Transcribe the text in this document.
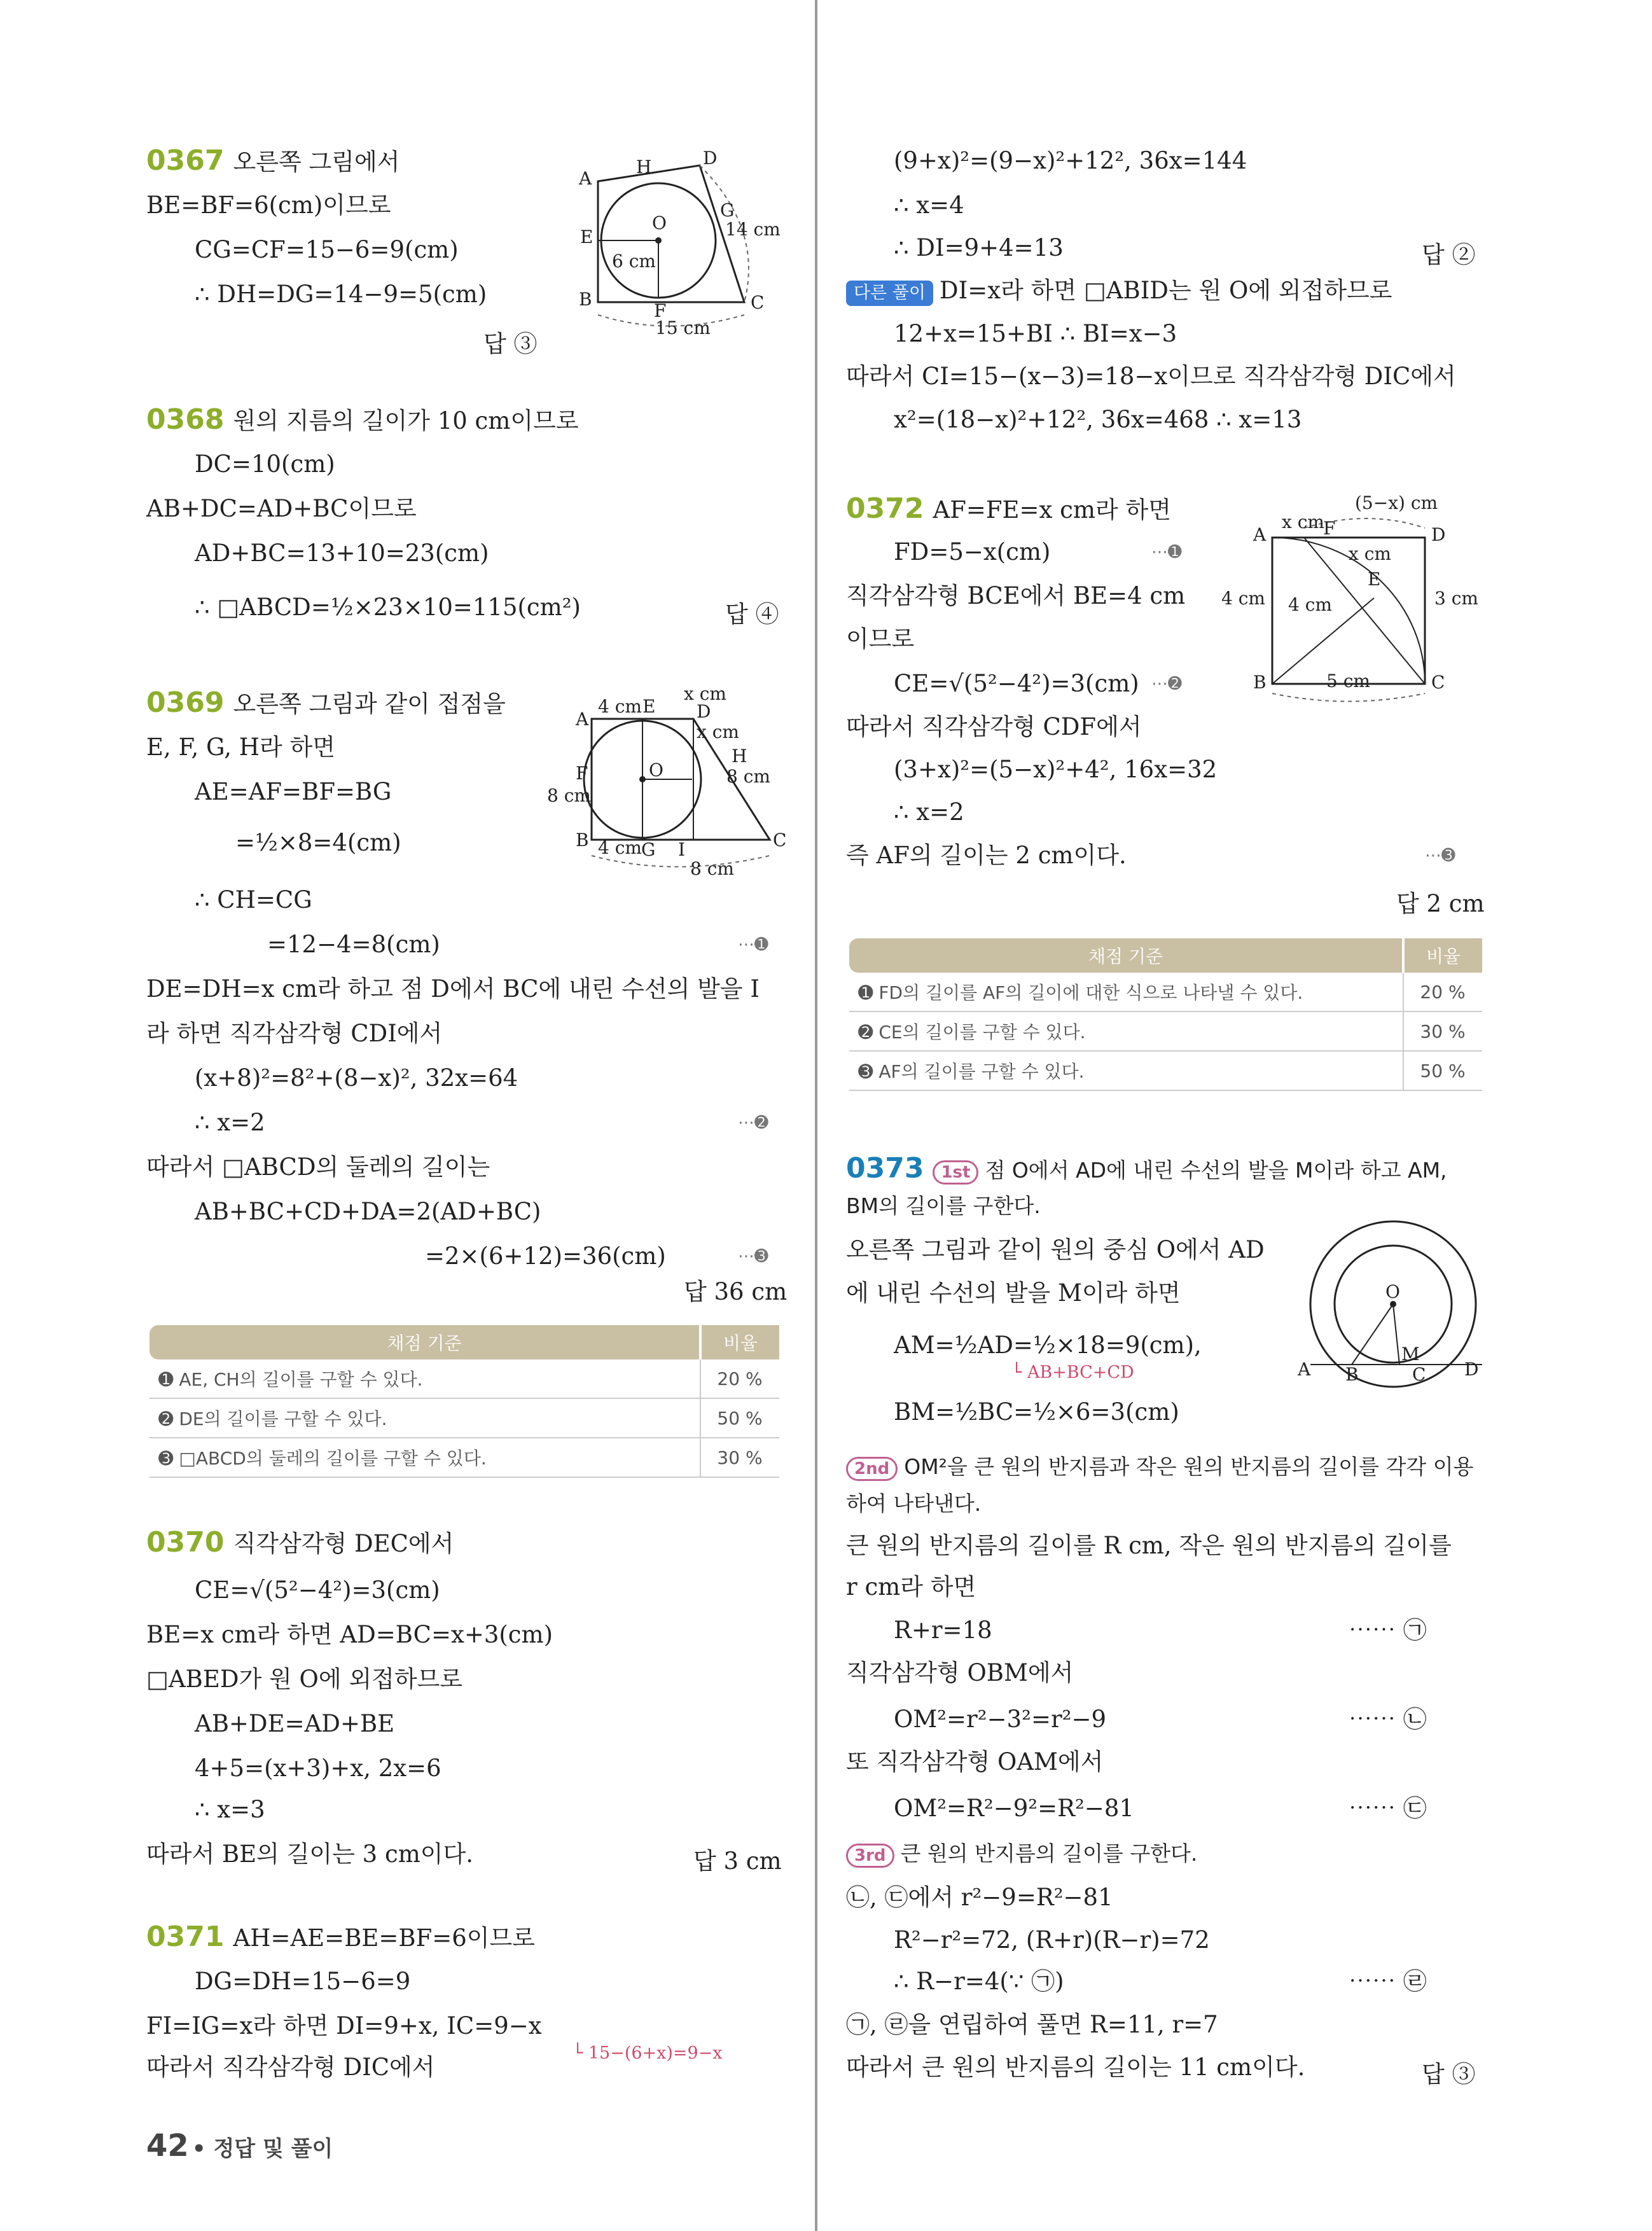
0367 오른쪽 그림에서
BE=BF=6(cm)이므로
CG=CF=15−6=9(cm)
∴ DH=DG=14−9=5(cm)
답 ③
A
H	D
E
O
G
14 cm
6 cm
B
F	C
15 cm
0368 원의 지름의 길이가 10 cm이므로
DC=10(cm)
AB+DC=AD+BC이므로
AD+BC=13+10=23(cm)
∴ □ABCD=½×23×10=115(cm²)	답 ④
0369 오른쪽 그림과 같이 접점을
E, F, G, H라 하면
AE=AF=BF=BG
=½×8=4(cm)
∴ CH=CG
=12−4=8(cm)	⋯➊
DE=DH=x cm라 하고 점 D에서 BC에 내린 수선의 발을 I
라 하면 직각삼각형 CDI에서
(x+8)²=8²+(8−x)², 32x=64
∴ x=2	⋯➋
따라서 □ABCD의 둘레의 길이는
AB+BC+CD+DA=2(AD+BC)
=2×(6+12)=36(cm)	⋯➌
답 36 cm
A
4 cm E D
x cm
x cm
H
F	O
8 cm
8 cm
B 4 cm G I	C
8 cm
채점 기준	비율
➊ AE, CH의 길이를 구할 수 있다.	20 %
➋ DE의 길이를 구할 수 있다.	50 %
➌ □ABCD의 둘레의 길이를 구할 수 있다.	30 %
0370 직각삼각형 DEC에서
CE=√(5²−4²)=3(cm)
BE=x cm라 하면 AD=BC=x+3(cm)
□ABED가 원 O에 외접하므로
AB+DE=AD+BE
4+5=(x+3)+x, 2x=6
∴ x=3
따라서 BE의 길이는 3 cm이다.	답 3 cm
0371 AH=AE=BE=BF=6이므로
DG=DH=15−6=9
FI=IG=x라 하면 DI=9+x, IC=9−x
└ 15−(6+x)=9−x
따라서 직각삼각형 DIC에서
(9+x)²=(9−x)²+12², 36x=144
∴ x=4
∴ DI=9+4=13	답 ②
다른 풀이 DI=x라 하면 □ABID는 원 O에 외접하므로
12+x=15+BI ∴ BI=x−3
따라서 CI=15−(x−3)=18−x이므로 직각삼각형 DIC에서
x²=(18−x)²+12², 36x=468 ∴ x=13
0372 AF=FE=x cm라 하면
FD=5−x(cm)	⋯➊
직각삼각형 BCE에서 BE=4 cm
이므로
CE=√(5²−4²)=3(cm) ⋯➋
따라서 직각삼각형 CDF에서
(3+x)²=(5−x)²+4², 16x=32
∴ x=2
즉 AF의 길이는 2 cm이다.	⋯➌
답 2 cm
(5−x) cm
A
x cm
F	D
x cm
E
4 cm 4 cm	3 cm
B	C
5 cm
채점 기준	비율
➊ FD의 길이를 AF의 길이에 대한 식으로 나타낼 수 있다.	20 %
➋ CE의 길이를 구할 수 있다.	30 %
➌ AF의 길이를 구할 수 있다.	50 %
0373 1st 점 O에서 AD에 내린 수선의 발을 M이라 하고 AM,
BM의 길이를 구한다.
오른쪽 그림과 같이 원의 중심 O에서 AD
에 내린 수선의 발을 M이라 하면
AM=½AD=½×18=9(cm),
└ AB+BC+CD
BM=½BC=½×6=3(cm)
O
M
A B	C D
2nd OM²을 큰 원의 반지름과 작은 원의 반지름의 길이를 각각 이용
하여 나타낸다.
큰 원의 반지름의 길이를 R cm, 작은 원의 반지름의 길이를
r cm라 하면
R+r=18	⋯⋯ ㉠
직각삼각형 OBM에서
OM²=r²−3²=r²−9	⋯⋯ ㉡
또 직각삼각형 OAM에서
OM²=R²−9²=R²−81	⋯⋯ ㉢
3rd 큰 원의 반지름의 길이를 구한다.
㉡, ㉢에서 r²−9=R²−81
R²−r²=72, (R+r)(R−r)=72
∴ R−r=4(∵ ㉠)	⋯⋯ ㉣
㉠, ㉣을 연립하여 풀면 R=11, r=7
따라서 큰 원의 반지름의 길이는 11 cm이다.	답 ③
42 • 정답 및 풀이
